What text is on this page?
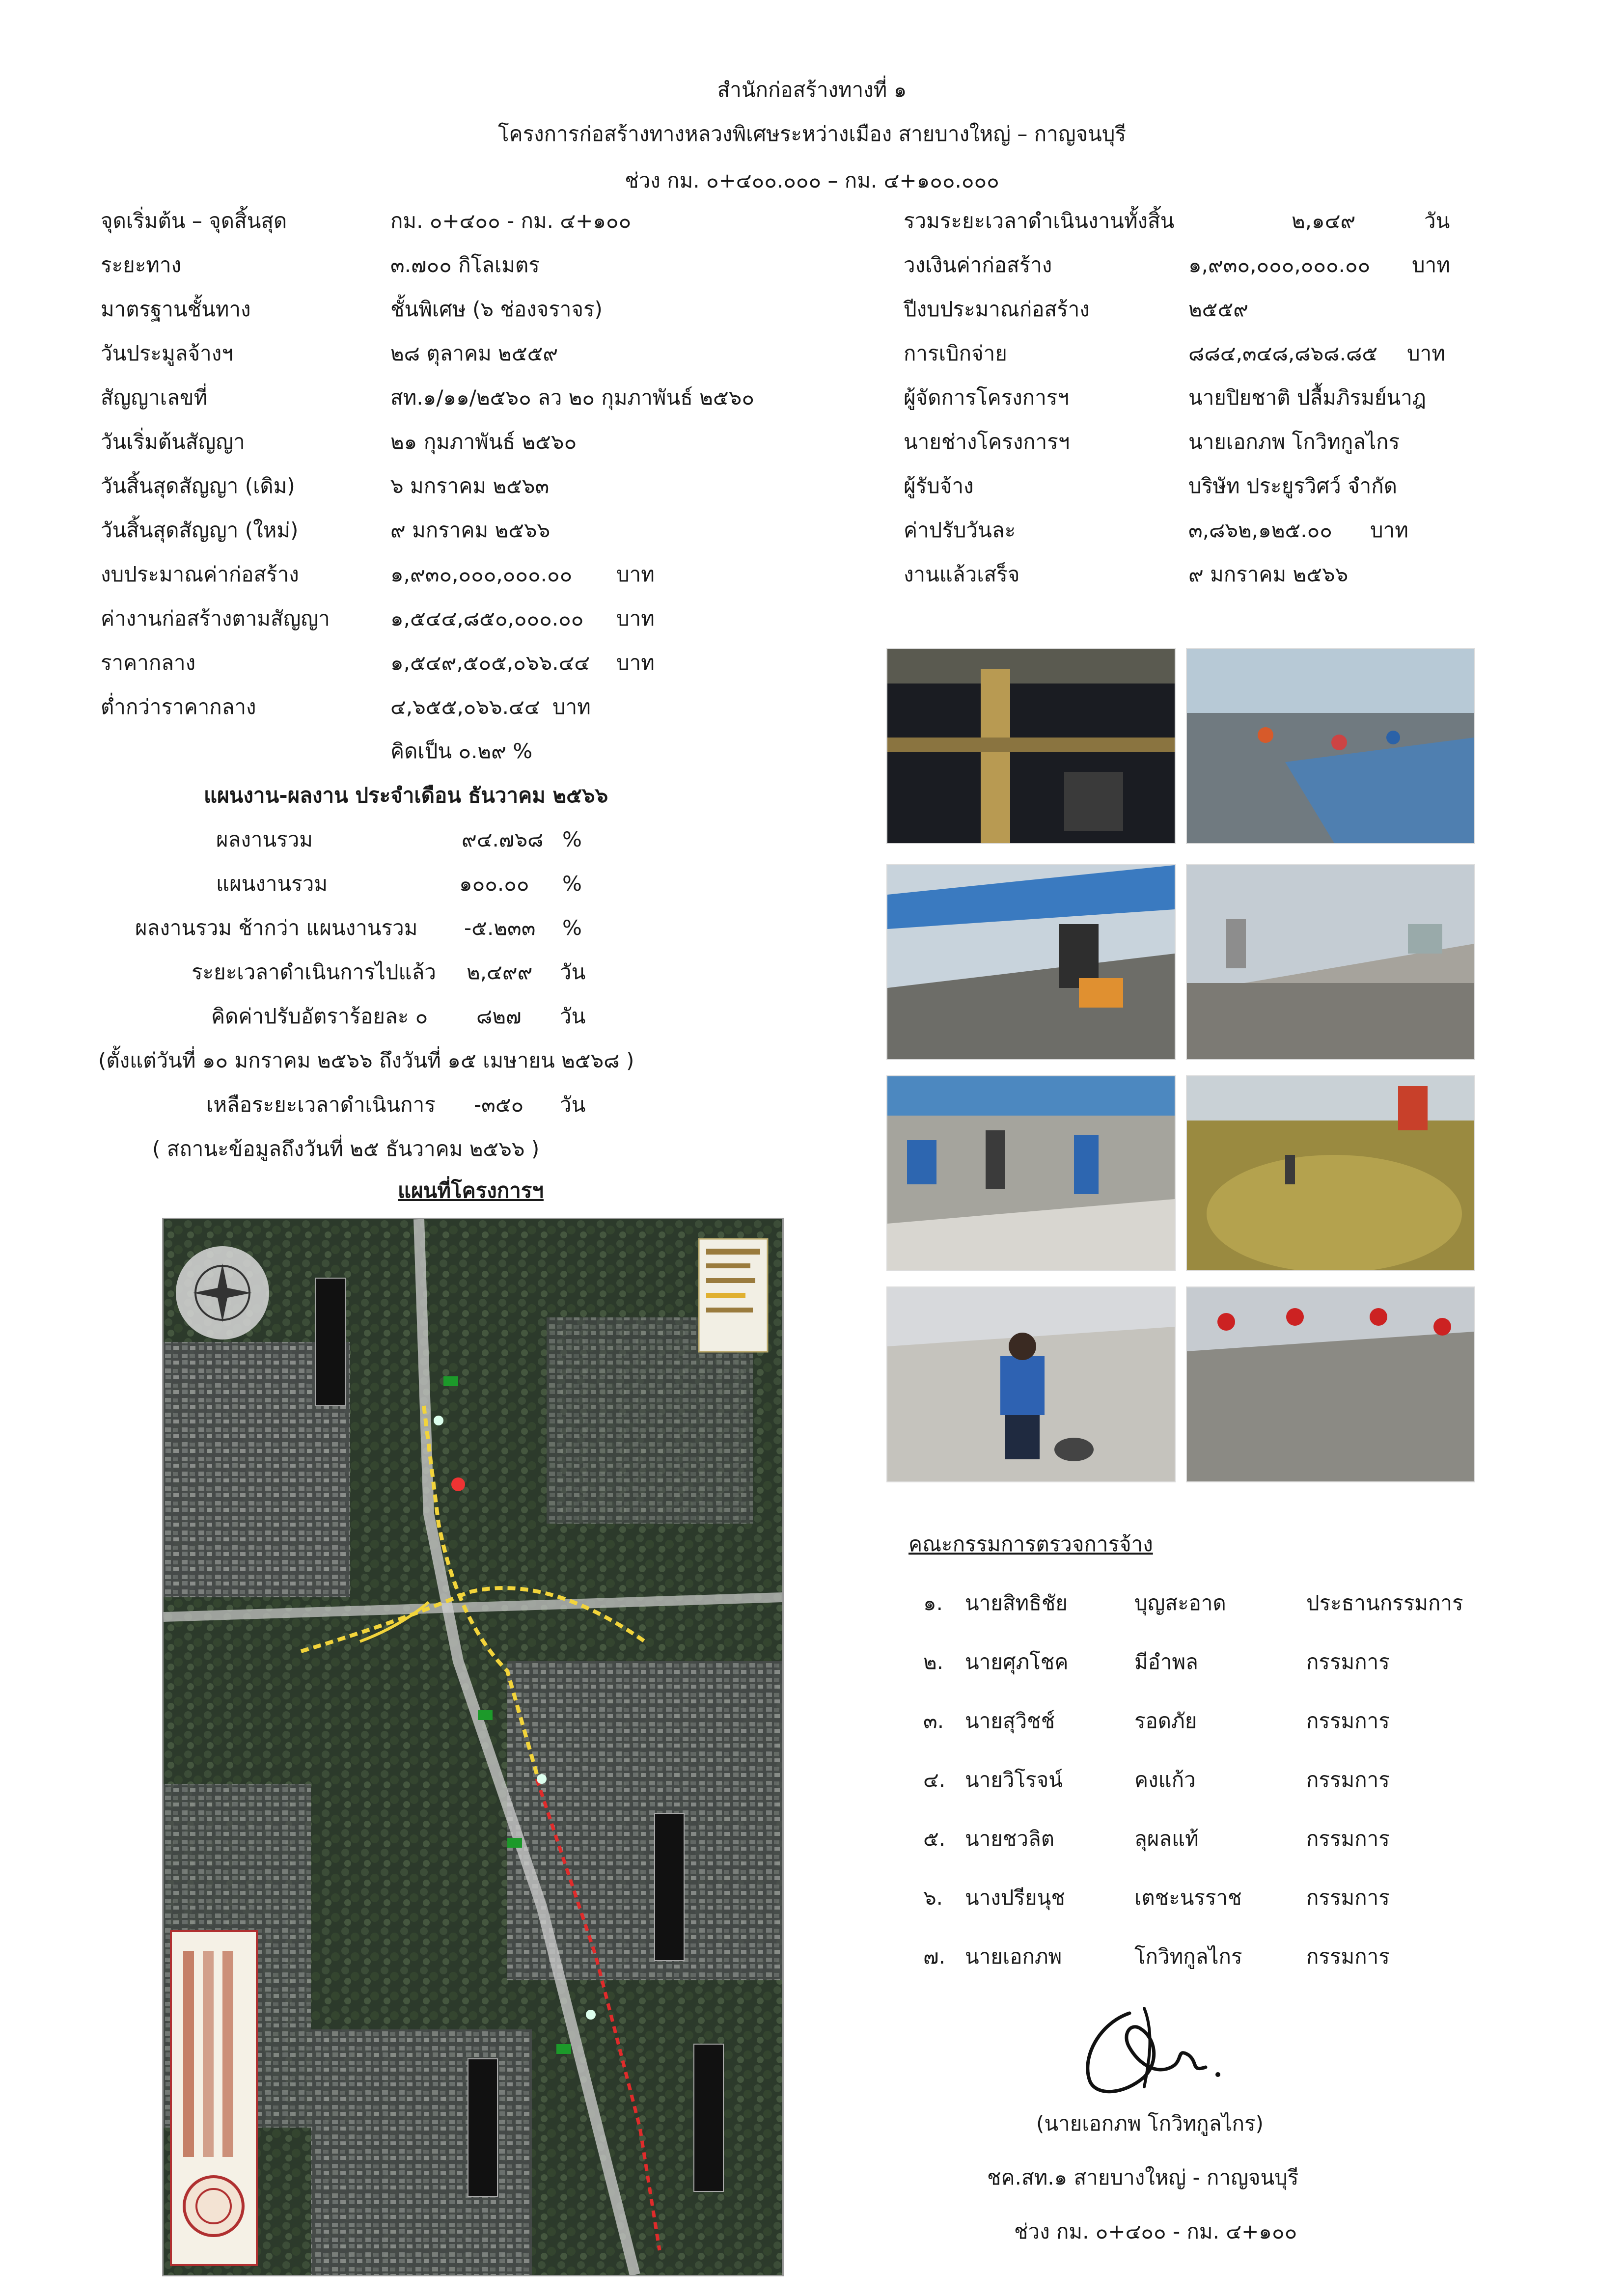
สำนักก่อสร้างทางที่ ๑
โครงการก่อสร้างทางหลวงพิเศษระหว่างเมือง สายบางใหญ่ – กาญจนบุรี
ช่วง กม. ๐+๔๐๐.๐๐๐ – กม. ๔+๑๐๐.๐๐๐
จุดเริ่มต้น – จุดสิ้นสุด	กม. ๐+๔๐๐ - กม. ๔+๑๐๐
ระยะทาง	๓.๗๐๐ กิโลเมตร
มาตรฐานชั้นทาง	ชั้นพิเศษ (๖ ช่องจราจร)
วันประมูลจ้างฯ	๒๘ ตุลาคม ๒๕๕๙
สัญญาเลขที่	สท.๑/๑๑/๒๕๖๐ ลว ๒๐ กุมภาพันธ์ ๒๕๖๐
วันเริ่มต้นสัญญา	๒๑ กุมภาพันธ์ ๒๕๖๐
วันสิ้นสุดสัญญา (เดิม)	๖ มกราคม ๒๕๖๓
วันสิ้นสุดสัญญา (ใหม่)	๙ มกราคม ๒๕๖๖
งบประมาณค่าก่อสร้าง	๑,๙๓๐,๐๐๐,๐๐๐.๐๐ บาท
ค่างานก่อสร้างตามสัญญา	๑,๕๔๔,๘๕๐,๐๐๐.๐๐ บาท
ราคากลาง	๑,๕๔๙,๕๐๕,๐๖๖.๔๔ บาท
ต่ำกว่าราคากลาง	๔,๖๕๕,๐๖๖.๔๔ บาท
คิดเป็น ๐.๒๙ %
รวมระยะเวลาดำเนินงานทั้งสิ้น	๒,๑๔๙	วัน
วงเงินค่าก่อสร้าง	๑,๙๓๐,๐๐๐,๐๐๐.๐๐ บาท
ปีงบประมาณก่อสร้าง	๒๕๕๙
การเบิกจ่าย	๘๘๔,๓๔๘,๘๖๘.๘๕ บาท
ผู้จัดการโครงการฯ	นายปิยชาติ ปลื้มภิรมย์นาฎ
นายช่างโครงการฯ	นายเอกภพ โกวิทกูลไกร
ผู้รับจ้าง	บริษัท ประยูรวิศว์ จำกัด
ค่าปรับวันละ	๓,๘๖๒,๑๒๕.๐๐ บาท
งานแล้วเสร็จ	๙ มกราคม ๒๕๖๖
แผนงาน-ผลงาน ประจำเดือน ธันวาคม ๒๕๖๖
ผลงานรวม	๙๔.๗๖๘ %
แผนงานรวม	๑๐๐.๐๐ %
ผลงานรวม ช้ากว่า แผนงานรวม -๕.๒๓๓ %
ระยะเวลาดำเนินการไปแล้ว ๒,๔๙๙ วัน
คิดค่าปรับอัตราร้อยละ ๐ ๘๒๗ วัน
(ตั้งแต่วันที่ ๑๐ มกราคม ๒๕๖๖ ถึงวันที่ ๑๕ เมษายน ๒๕๖๘ )
เหลือระยะเวลาดำเนินการ -๓๕๐ วัน
( สถานะข้อมูลถึงวันที่ ๒๕ ธันวาคม ๒๕๖๖ )
แผนที่โครงการฯ
คณะกรรมการตรวจการจ้าง
๑. นายสิทธิชัย	บุญสะอาด	ประธานกรรมการ
๒. นายศุภโชค	มีอำพล	กรรมการ
๓. นายสุวิชช์	รอดภัย	กรรมการ
๔. นายวิโรจน์	คงแก้ว	กรรมการ
๕. นายชวลิต	ลุผลแท้	กรรมการ
๖. นางปรียนุช	เตชะนรราช	กรรมการ
๗. นายเอกภพ	โกวิทกูลไกร	กรรมการ
(นายเอกภพ โกวิทกูลไกร)
ชค.สท.๑ สายบางใหญ่ - กาญจนบุรี
ช่วง กม. ๐+๔๐๐ - กม. ๔+๑๐๐
